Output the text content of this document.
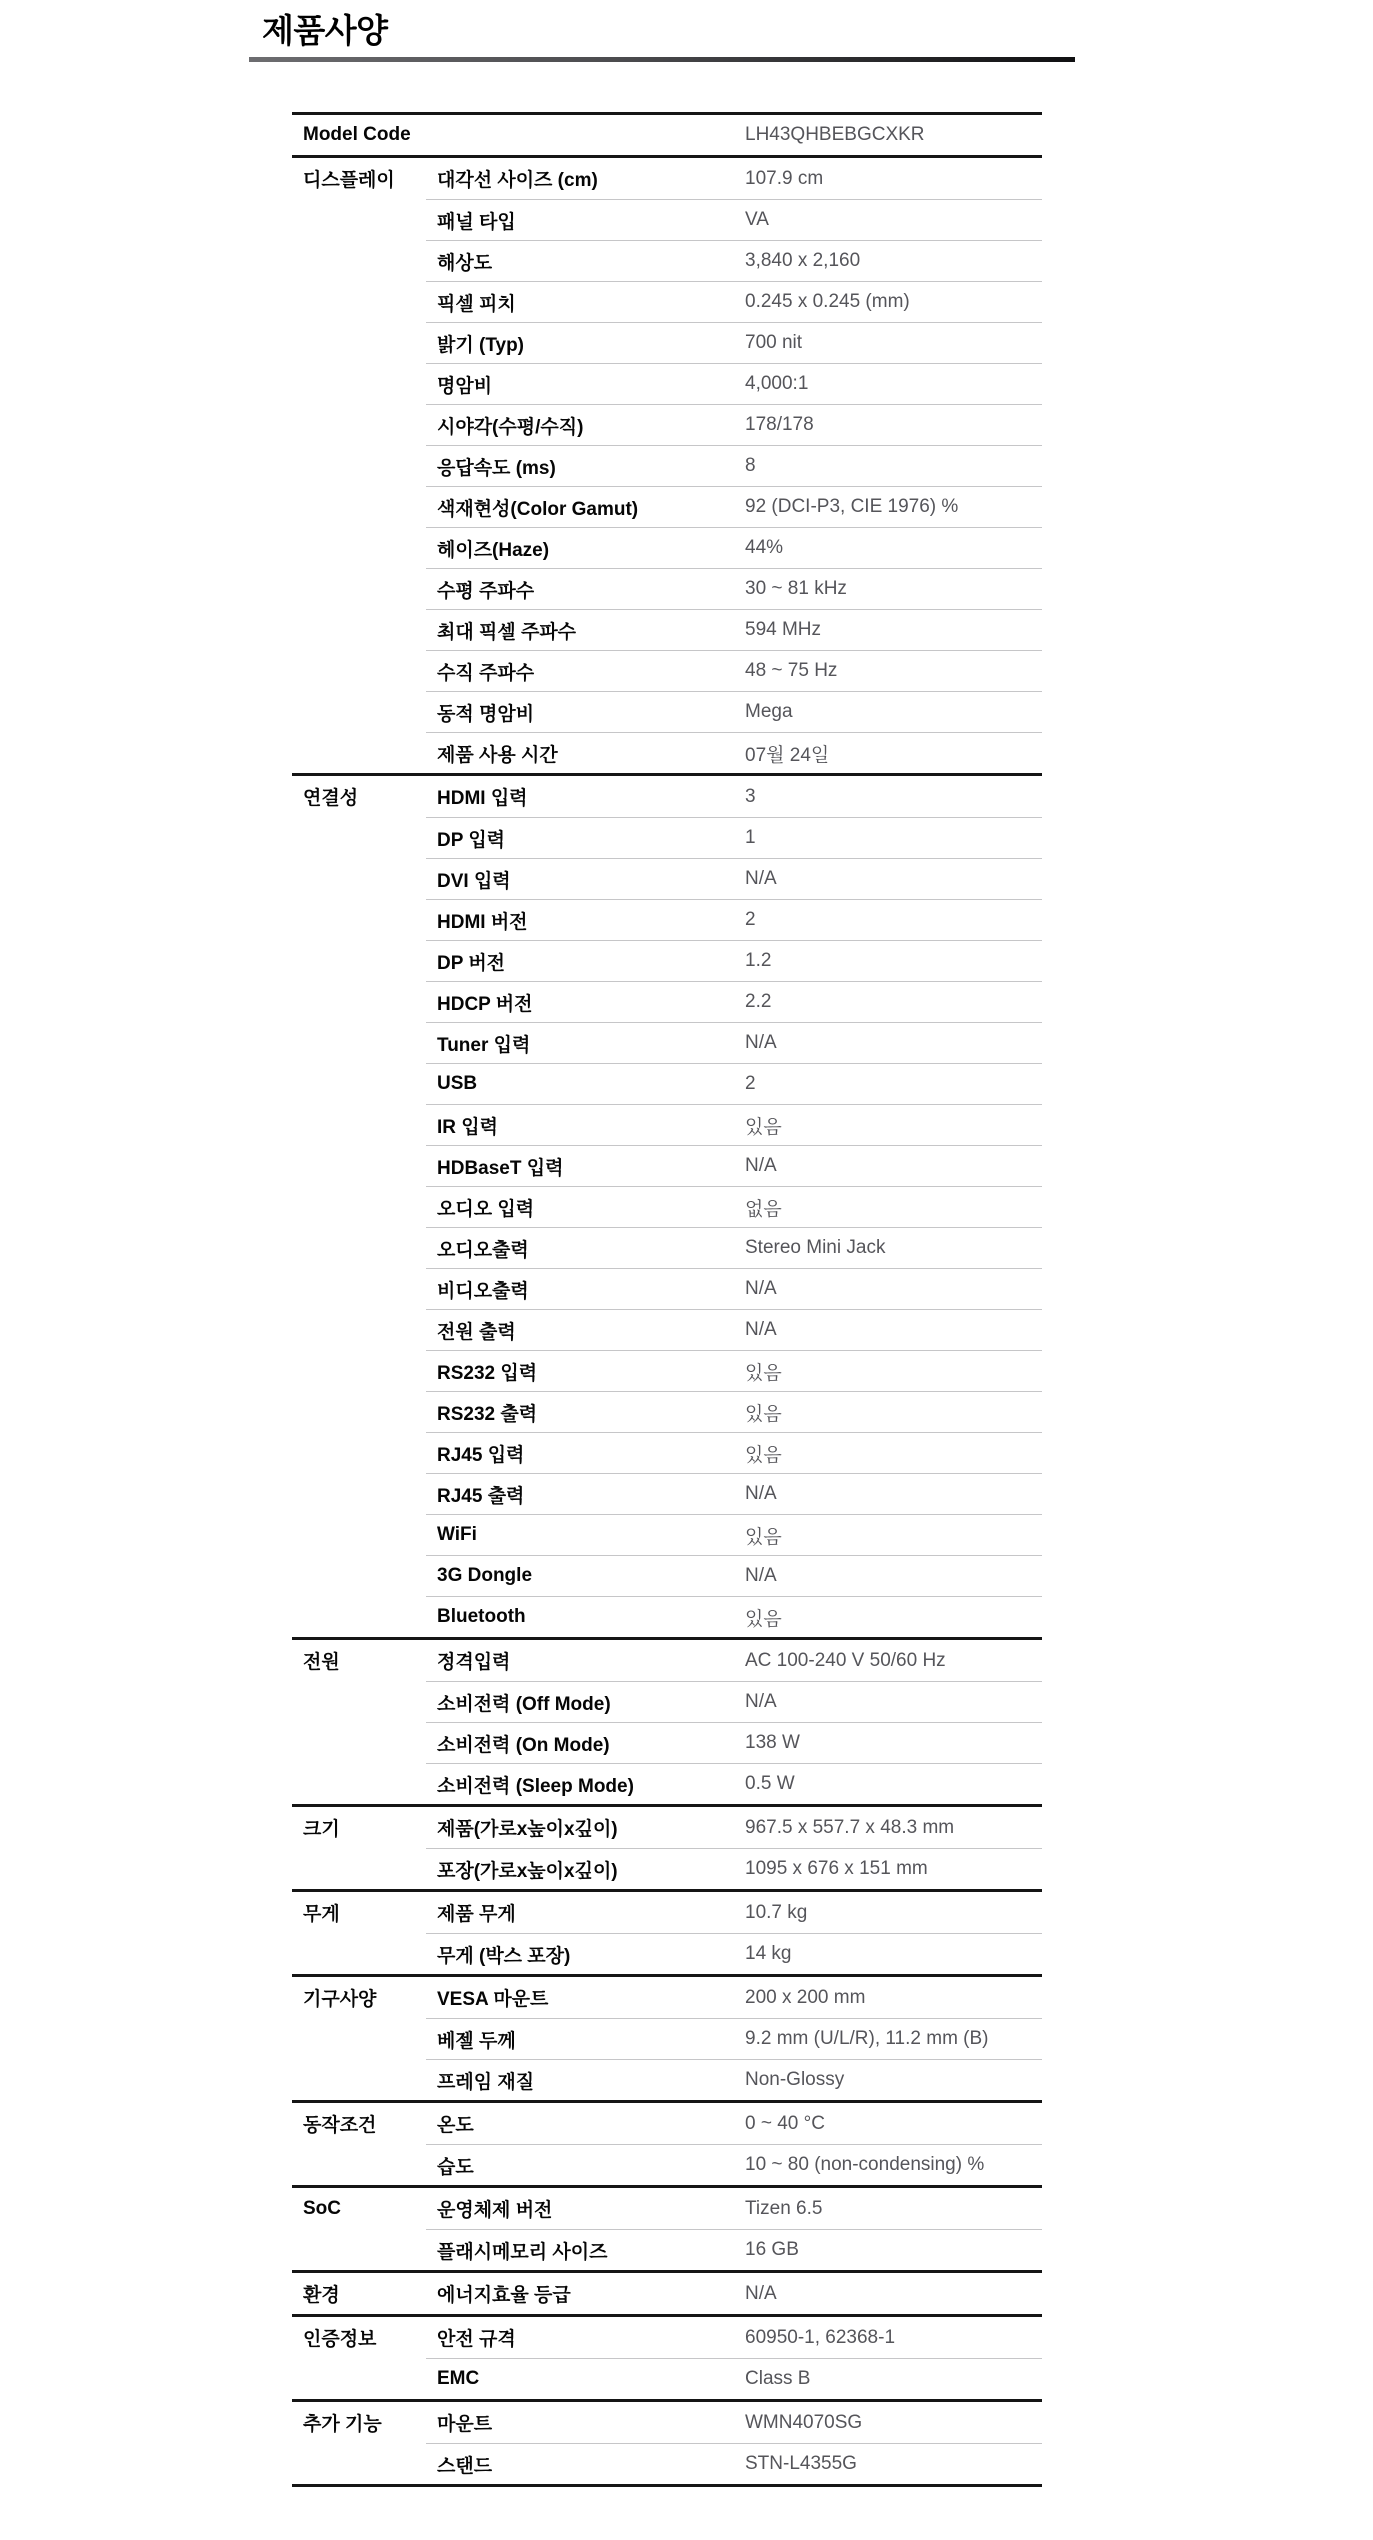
제품사양
Model Code	LH43QHBEBGCXKR
디스플레이	대각선 사이즈 (cm)	107.9 cm
패널 타입	VA
해상도	3,840 x 2,160
픽셀 피치	0.245 x 0.245 (mm)
밝기 (Typ)	700 nit
명암비	4,000:1
시야각(수평/수직)	178/178
응답속도 (ms)	8
색재현성(Color Gamut)	92 (DCI-P3, CIE 1976) %
헤이즈(Haze)	44%
수평 주파수	30 ~ 81 kHz
최대 픽셀 주파수	594 MHz
수직 주파수	48 ~ 75 Hz
동적 명암비	Mega
제품 사용 시간	07월 24일
연결성	HDMI 입력	3
DP 입력	1
DVI 입력	N/A
HDMI 버전	2
DP 버전	1.2
HDCP 버전	2.2
Tuner 입력	N/A
USB	2
IR 입력	있음
HDBaseT 입력	N/A
오디오 입력	없음
오디오출력	Stereo Mini Jack
비디오출력	N/A
전원 출력	N/A
RS232 입력	있음
RS232 출력	있음
RJ45 입력	있음
RJ45 출력	N/A
WiFi	있음
3G Dongle	N/A
Bluetooth	있음
전원	정격입력	AC 100-240 V 50/60 Hz
소비전력 (Off Mode)	N/A
소비전력 (On Mode)	138 W
소비전력 (Sleep Mode)	0.5 W
크기	제품(가로x높이x깊이)	967.5 x 557.7 x 48.3 mm
포장(가로x높이x깊이)	1095 x 676 x 151 mm
무게	제품 무게	10.7 kg
무게 (박스 포장)	14 kg
기구사양	VESA 마운트	200 x 200 mm
베젤 두께	9.2 mm (U/L/R), 11.2 mm (B)
프레임 재질	Non-Glossy
동작조건	온도	0 ~ 40 °C
습도	10 ~ 80 (non-condensing) %
SoC	운영체제 버전	Tizen 6.5
플래시메모리 사이즈	16 GB
환경	에너지효율 등급	N/A
인증정보	안전 규격	60950-1, 62368-1
EMC	Class B
추가 기능	마운트	WMN4070SG
스탠드	STN-L4355G
